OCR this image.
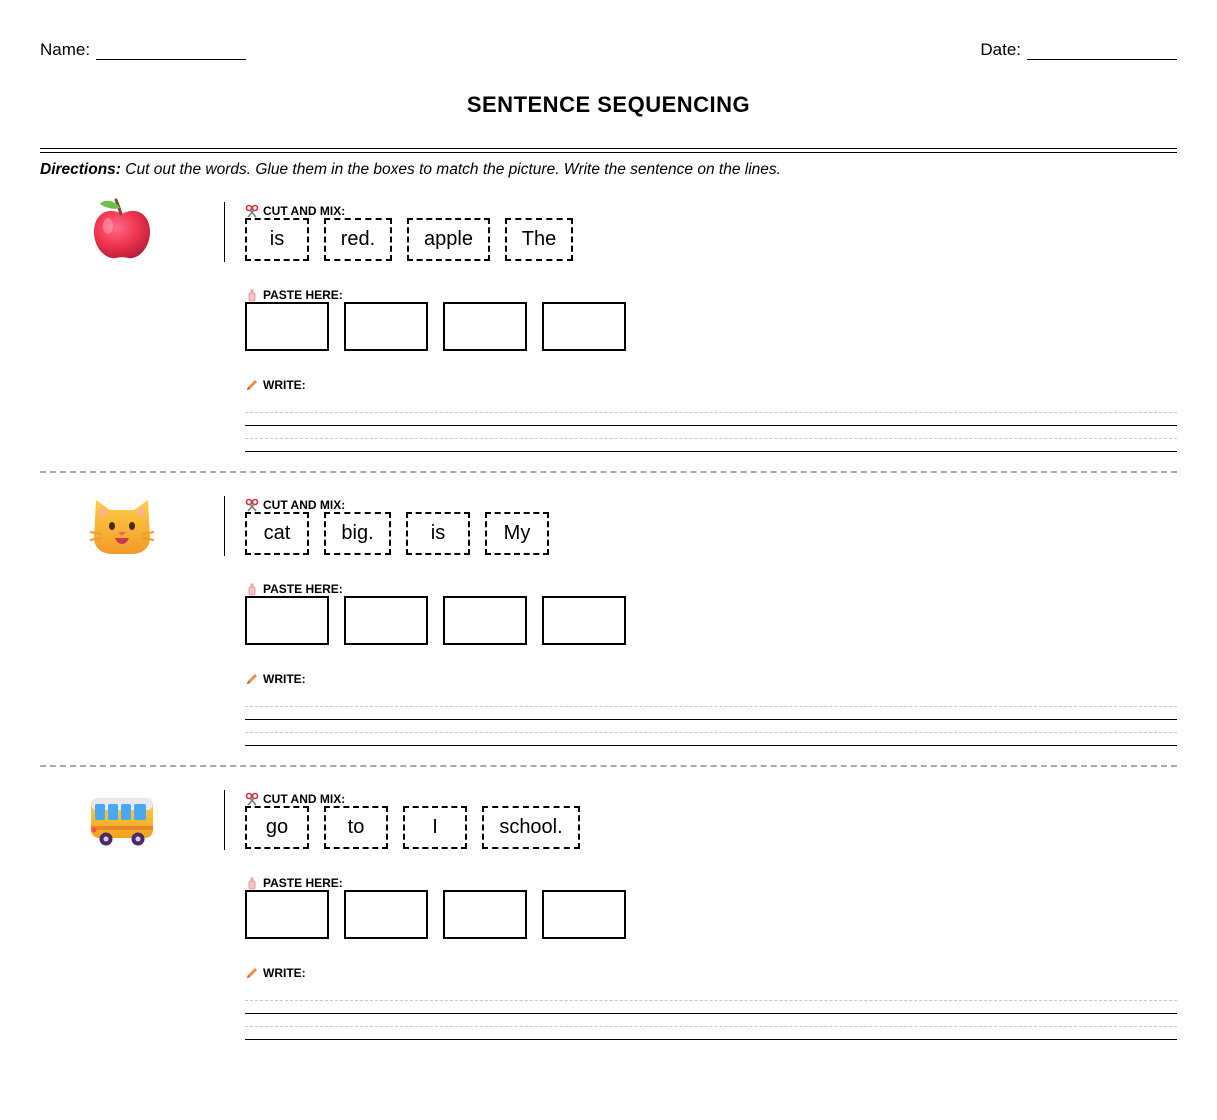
Name:	Date:
SENTENCE SEQUENCING
Directions: Cut out the words. Glue them in the boxes to match the picture. Write the sentence on the lines.
CUT AND MIX:
is	red.	apple	The
PASTE HERE:
WRITE:
CUT AND MIX:
cat	big.	is	My
PASTE HERE:
WRITE:
CUT AND MIX:
go	to	I	school.
PASTE HERE:
WRITE:
